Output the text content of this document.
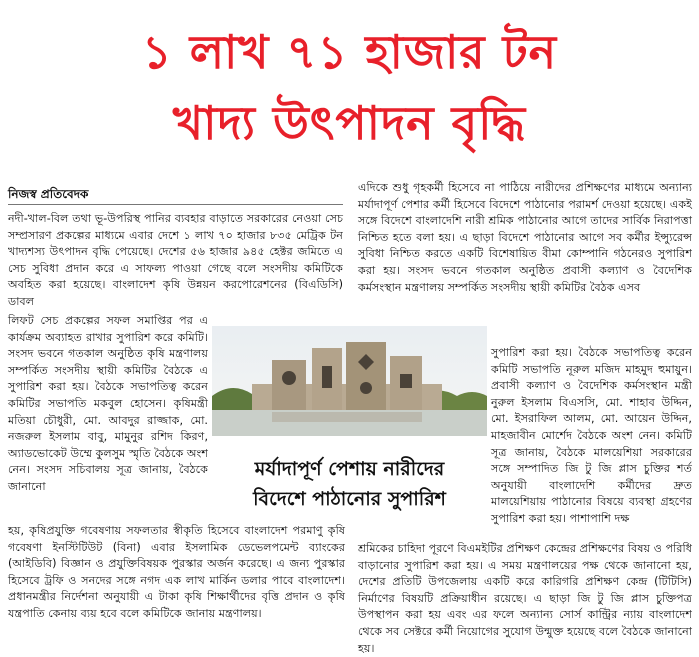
১ লাখ ৭১ হাজার টন
খাদ্য উৎপাদন বৃদ্ধি
নিজস্ব প্রতিবেদক

নদী-খাল-বিল তথা ভূ-উপরিস্থ পানির ব্যবহার বাড়াতে সরকারের নেওয়া সেচ সম্প্রসারণ প্রকল্পের মাধ্যমে এবার দেশে ১ লাখ ৭০ হাজার ৮৩৫ মেট্রিক টন খাদ্যশস্য উৎপাদন বৃদ্ধি পেয়েছে। দেশের ৫৬ হাজার ৯৪৫ হেক্টর জমিতে এ সেচ সুবিধা প্রদান করে এ সাফল্য পাওয়া গেছে বলে সংসদীয় কমিটিকে অবহিত করা হয়েছে। বাংলাদেশ কৃষি উন্নয়ন করপোরেশনের (বিএডিসি) ডাবল

লিফট সেচ প্রকল্পের সফল সমাপ্তির পর এ কার্যক্রম অব্যাহত রাখার সুপারিশ করে কমিটি। সংসদ ভবনে গতকাল অনুষ্ঠিত কৃষি মন্ত্রণালয় সম্পর্কিত সংসদীয় স্থায়ী কমিটির বৈঠকে এ সুপারিশ করা হয়। বৈঠকে সভাপতিত্ব করেন কমিটির সভাপতি মকবুল হোসেন। কৃষিমন্ত্রী মতিয়া চৌধুরী, মো. আবদুর রাজ্জাক, মো. নজরুল ইসলাম বাবু, মামুনুর রশিদ কিরণ, অ্যাডভোকেট উম্মে কুলসুম স্মৃতি বৈঠকে অংশ নেন। সংসদ সচিবালয় সূত্র জানায়, বৈঠকে জানানো

হয়, কৃষিপ্রযুক্তি গবেষণায় সফলতার স্বীকৃতি হিসেবে বাংলাদেশ পরমাণু কৃষি গবেষণা ইনস্টিটিউট (বিনা) এবার ইসলামিক ডেভেলপমেন্ট ব্যাংকের (আইডিবি) বিজ্ঞান ও প্রযুক্তিবিষয়ক পুরস্কার অর্জন করেছে। এ জন্য পুরস্কার হিসেবে ট্রফি ও সনদের সঙ্গে নগদ এক লাখ মার্কিন ডলার পাবে বাংলাদেশ। প্রধানমন্ত্রীর নির্দেশনা অনুযায়ী এ টাকা কৃষি শিক্ষার্থীদের বৃত্তি প্রদান ও কৃষি যন্ত্রপাতি কেনায় ব্যয় হবে বলে কমিটিকে জানায় মন্ত্রণালয়।

এদিকে শুধু গৃহকর্মী হিসেবে না পাঠিয়ে নারীদের প্রশিক্ষণের মাধ্যমে অন্যান্য মর্যাদাপূর্ণ পেশার কর্মী হিসেবে বিদেশে পাঠানোর পরামর্শ দেওয়া হয়েছে। একই সঙ্গে বিদেশে বাংলাদেশি নারী শ্রমিক পাঠানোর আগে তাদের সার্বিক নিরাপত্তা নিশ্চিত হতে বলা হয়। এ ছাড়া বিদেশে পাঠানোর আগে সব কর্মীর ইন্স্যুরেন্স সুবিধা নিশ্চিত করতে একটি বিশেষায়িত বীমা কোম্পানি গঠনেরও সুপারিশ করা হয়। সংসদ ভবনে গতকাল অনুষ্ঠিত প্রবাসী কল্যাণ ও বৈদেশিক কর্মসংস্থান মন্ত্রণালয় সম্পর্কিত সংসদীয় স্থায়ী কমিটির বৈঠক এসব

সুপারিশ করা হয়। বৈঠকে সভাপতিত্ব করেন কমিটি সভাপতি নূরুল মজিদ মাহমুদ হুমায়ুন। প্রবাসী কল্যাণ ও বৈদেশিক কর্মসংস্থান মন্ত্রী নুরুল ইসলাম বিএসসি, মো. শাহাব উদ্দিন, মো. ইসরাফিল আলম, মো. আয়েন উদ্দিন, মাহজাবীন মোর্শেদ বৈঠকে অংশ নেন। কমিটি সূত্র জানায়, বৈঠকে মালয়েশিয়া সরকারের সঙ্গে সম্পাদিত জি টু জি প্লাস চুক্তির শর্ত অনুযায়ী বাংলাদেশি কর্মীদের দ্রুত মালয়েশিয়ায় পাঠানোর বিষয়ে ব্যবস্থা গ্রহণের সুপারিশ করা হয়। পাশাপাশি দক্ষ

শ্রমিকের চাহিদা পূরণে বিএমইটির প্রশিক্ষণ কেন্দ্রের প্রশিক্ষণের বিষয় ও পরিধি বাড়ানোর সুপারিশ করা হয়। এ সময় মন্ত্রণালয়ের পক্ষ থেকে জানানো হয়, দেশের প্রতিটি উপজেলায় একটি করে কারিগরি প্রশিক্ষণ কেন্দ্র (টিটিসি) নির্মাণের বিষয়টি প্রক্রিয়াধীন রয়েছে। এ ছাড়া জি টু জি প্লাস চুক্তিপত্র উপস্থাপন করা হয় এবং এর ফলে অন্যান্য সোর্স কান্ট্রির ন্যায় বাংলাদেশ থেকে সব সেক্টরে কর্মী নিয়োগের সুযোগ উন্মুক্ত হয়েছে বলে বৈঠকে জানানো হয়।

মর্যাদাপূর্ণ পেশায় নারীদের
বিদেশে পাঠানোর সুপারিশ
